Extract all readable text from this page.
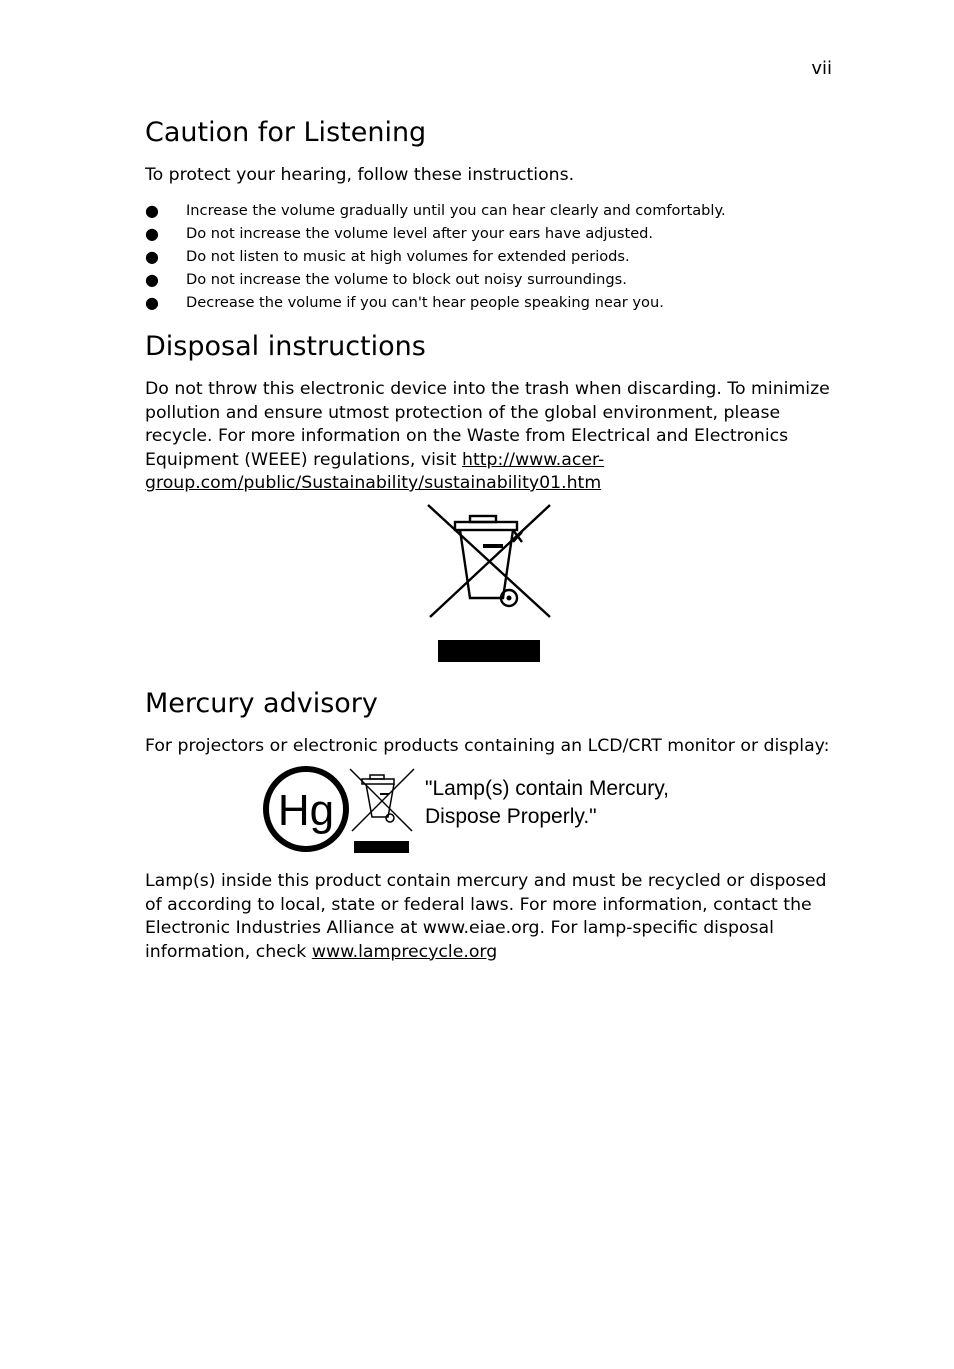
vii
Caution for Listening

To protect your hearing, follow these instructions.

● Increase the volume gradually until you can hear clearly and comfortably.
● Do not increase the volume level after your ears have adjusted.
● Do not listen to music at high volumes for extended periods.
● Do not increase the volume to block out noisy surroundings.
● Decrease the volume if you can't hear people speaking near you.
Disposal instructions

Do not throw this electronic device into the trash when discarding. To minimize pollution and ensure utmost protection of the global environment, please recycle. For more information on the Waste from Electrical and Electronics Equipment (WEEE) regulations, visit http://www.acer-group.com/public/Sustainability/sustainability01.htm

Mercury advisory

For projectors or electronic products containing an LCD/CRT monitor or display:

Hg	"Lamp(s) contain Mercury,
Dispose Properly."

Lamp(s) inside this product contain mercury and must be recycled or disposed of according to local, state or federal laws. For more information, contact the Electronic Industries Alliance at www.eiae.org. For lamp-specific disposal information, check www.lamprecycle.org
